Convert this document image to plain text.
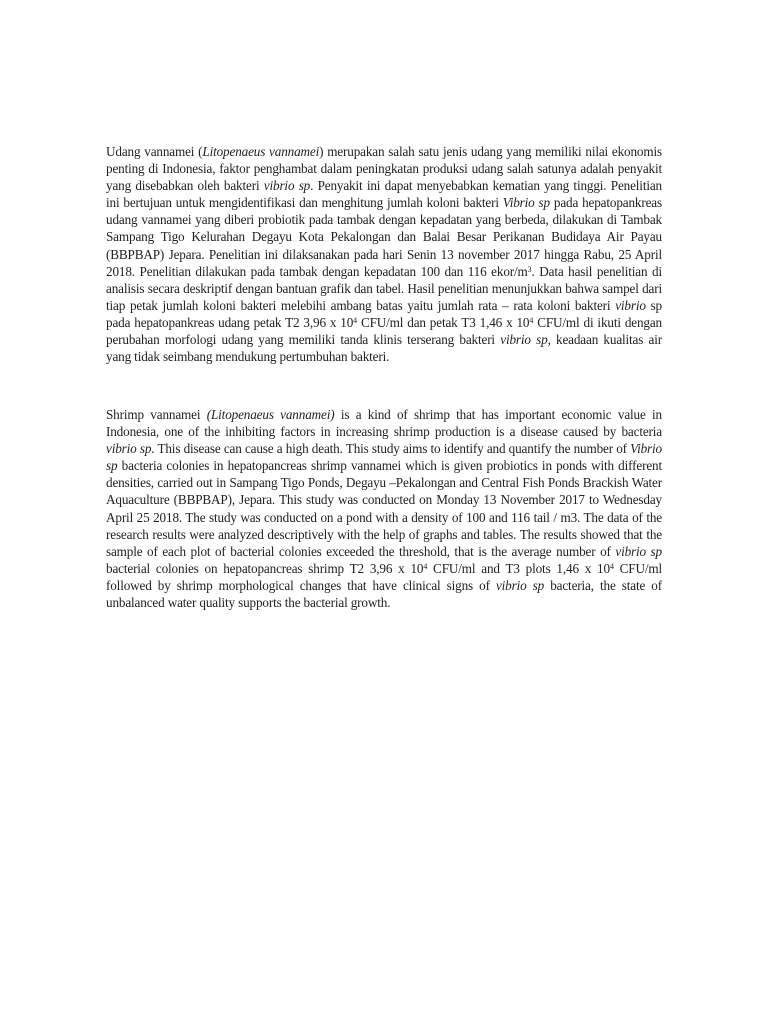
Udang vannamei (Litopenaeus vannamei) merupakan salah satu jenis udang yang memiliki nilai ekonomis penting di Indonesia, faktor penghambat dalam peningkatan produksi udang salah satunya adalah penyakit yang disebabkan oleh bakteri vibrio sp. Penyakit ini dapat menyebabkan kematian yang tinggi. Penelitian ini bertujuan untuk mengidentifikasi dan menghitung jumlah koloni bakteri Vibrio sp pada hepatopankreas udang vannamei yang diberi probiotik pada tambak dengan kepadatan yang berbeda, dilakukan di Tambak Sampang Tigo Kelurahan Degayu Kota Pekalongan dan Balai Besar Perikanan Budidaya Air Payau (BBPBAP) Jepara. Penelitian ini dilaksanakan pada hari Senin 13 november 2017 hingga Rabu, 25 April 2018. Penelitian dilakukan pada tambak dengan kepadatan 100 dan 116 ekor/$m^3$. Data hasil penelitian di analisis secara deskriptif dengan bantuan grafik dan tabel. Hasil penelitian menunjukkan bahwa sampel dari tiap petak jumlah koloni bakteri melebihi ambang batas yaitu jumlah rata – rata koloni bakteri vibrio sp pada hepatopankreas udang petak T2 3,96 x $10^4$ CFU/ml dan petak T3 1,46 x $10^4$ CFU/ml di ikuti dengan perubahan morfologi udang yang memiliki tanda klinis terserang bakteri vibrio sp, keadaan kualitas air yang tidak seimbang mendukung pertumbuhan bakteri.

Shrimp vannamei (Litopenaeus vannamei) is a kind of shrimp that has important economic value in Indonesia, one of the inhibiting factors in increasing shrimp production is a disease caused by bacteria vibrio sp. This disease can cause a high death. This study aims to identify and quantify the number of Vibrio sp bacteria colonies in hepatopancreas shrimp vannamei which is given probiotics in ponds with different densities, carried out in Sampang Tigo Ponds, Degayu –Pekalongan and Central Fish Ponds Brackish Water Aquaculture (BBPBAP), Jepara. This study was conducted on Monday 13 November 2017 to Wednesday April 25 2018. The study was conducted on a pond with a density of 100 and 116 tail / m3. The data of the research results were analyzed descriptively with the help of graphs and tables. The results showed that the sample of each plot of bacterial colonies exceeded the threshold, that is the average number of vibrio sp bacterial colonies on hepatopancreas shrimp T2 3,96 x $10^4$ CFU/ml and T3 plots 1,46 x $10^4$ CFU/ml followed by shrimp morphological changes that have clinical signs of vibrio sp bacteria, the state of unbalanced water quality supports the bacterial growth.
